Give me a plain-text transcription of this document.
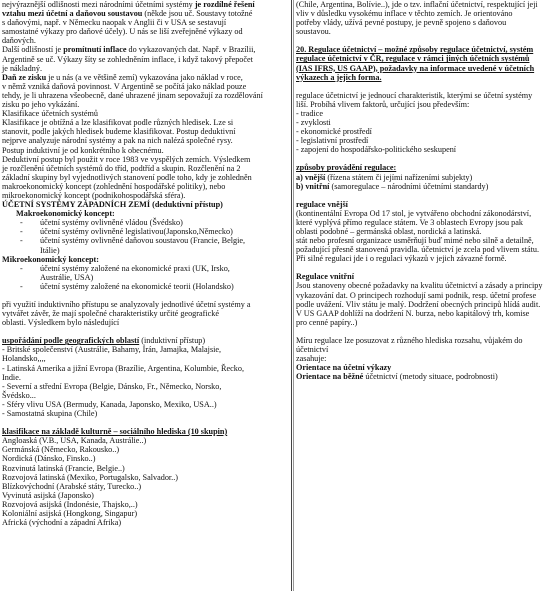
nejvýraznější odlišnosti mezi národními účetními systémy je rozdílné řešení
vztahu mezi účetní a daňovou soustavou (někde jsou uč. Soustavy totožné
s daňovými, např. v Německu naopak v Anglii či v USA se sestavují
samostatné výkazy pro daňové účely). U nás se liší zveřejněné výkazy od
daňových.
Další odlišností je promítnutí inflace do vykazovaných dat. Např. v Brazílii,
Argentině se uč. Výkazy šíty se zohledněním inflace, i když takový přepočet
je nákladný.
Daň ze zisku je u nás (a ve většině zemí) vykazována jako náklad v roce,
v němž vzniká daňová povinnost. V Argentině se počítá jako náklad pouze
tehdy, je li uhrazena všeobecně, dané uhrazené jinam sepovažují za rozdělování
zisku po jeho vykázání.
Klasifikace účetních systémů
Klasifikace je obtížná a lze klasifikovat podle různých hledisek. Lze si
stanovit, podle jakých hledisek budeme klasifikovat. Postup deduktivní
nejprve analyzuje národní systémy a pak na nich nalézá společné rysy.
Postup induktivní je od konkrétního k obecnému.
Deduktivní postup byl použit v roce 1983 ve vyspělých zemích. Výsledkem
je rozčlenění účetních systémů do tříd, podtříd a skupin. Rozčlenění na 2
základní skupiny byl vyjednotlivých stanovení podle toho, kdy je zohledněn
makroekonomický koncept (zohlednění hospodářské politiky), nebo
mikroekonomický koncept (podnikohospodářská sféra).
ÚČETNÍ SYSTÉMY ZÁPADNÍCH ZEMÍ (deduktivní přístup)
Makroekonomický koncept:
- účetní systémy ovlivněné vládou (Švédsko)
- účetní systémy ovlivněné legislativou(Japonsko,Německo)
- účetní systémy ovlivněné daňovou soustavou (Francie, Belgie,
Itálie)
Mikroekonomický koncept:
- účetní systémy založené na ekonomické praxi (UK, Irsko,
Austrálie, USA)
- účetní systémy založené na ekonomické teorii (Holandsko)
při využití induktivního přístupu se analyzovaly jednotlivé účetní systémy a
vytvářet závěr, že mají společné charakteristiky určité geografické
oblasti. Výsledkem bylo následující
uspořádání podle geografických oblastí (induktivní přístup)
- Britské společenství (Austrálie, Bahamy, Írán, Jamajka, Malajsie,
Holandsko,,,,
- Latinská Amerika a jižní Evropa (Brazílie, Argentina, Kolumbie, Řecko,
Indie.
- Severní a střední Evropa (Belgie, Dánsko, Fr., Německo, Norsko,
Švédsko...
- Sféry vlivu USA (Bermudy, Kanada, Japonsko, Mexiko, USA..)
- Samostatná skupina (Chile)
klasifikace na základě kulturně – sociálního hlediska (10 skupin)
Angloaská (V.B., USA, Kanada, Austrálie..)
Germánská (Německo, Rakousko..)
Nordická (Dánsko, Finsko..)
Rozvinutá latinská (Francie, Belgie..)
Rozvojová latinská (Mexiko, Portugalsko, Salvador..)
Blízkovýchodní (Arabské státy, Turecko..)
Vyvinutá asijská (Japonsko)
Rozvojová asijská (Indonésie, Thajsko,..)
Koloniální asijská (Hongkong, Singapur)
Africká (východní a západní Afrika)
(Chile, Argentina, Bolívie..), jde o tzv. inflační účetnictví, respektující jeji
vliv v důsledku vysokému inflace v těchto zemích. Je orientováno
potřeby vlády, užívá pevné postupy, je pevně spojeno s daňovou
soustavou.
20. Regulace účetnictví – možné způsoby regulace účetnictví, systém
regulace účetnictví v ČR, regulace v rámci jiných účetních systémů
(IAS IFRS, US GAAP), požadavky na informace uvedené v účetních
výkazech a jejich forma.
regulace účetnictví je jednoucí charakteristik, kterými se účetní systémy
liší. Probíhá vlivem faktorů, určující jsou především:
- tradice
- zvyklosti
- ekonomické prostředí
- legislativní prostředí
- zapojení do hospodářsko-politického seskupení
způsoby provádění regulace:
a) vnější (řízena státem či jejími nařízeními subjekty)
b) vnitřní (samoregulace – národními účetními standardy)
regulace vnější
(kontinentální Evropa Od 17 stol, je vytvářeno obchodní zákonodárství,
které vyplývá přímo regulace státem. Ve 3 oblastech Evropy jsou pak
oblasti podobné – germánská oblast, nordická a latinská.
stát nebo profesní organizace usměrňují buď mimé nebo silně a detailně,
požadující přesně stanovená pravidla. účetnictví je zcela pod vlivem státu.
Při silné regulaci jde i o regulaci výkazů v jejich závazné formě.
Regulace vnitřní
Jsou stanoveny obecné požadavky na kvalitu účetnictví a zásady a principy
vykazování dat. O principech rozhodují sami podnik, resp. účetní profese
podle uvážení. Vliv státu je malý. Dodržení obecných principů hlídá audit.
V US GAAP dohlíží na dodržení N. burza, nebo kapitálový trh, komise
pro cenné papíry..)
Míru regulace lze posuzovat z různého hlediska rozsahu, vůjakém do účetnictví
zasahuje:
Orientace na účetní výkazy
Orientace na běžné účetnictví (metody situace, podrobnosti)
